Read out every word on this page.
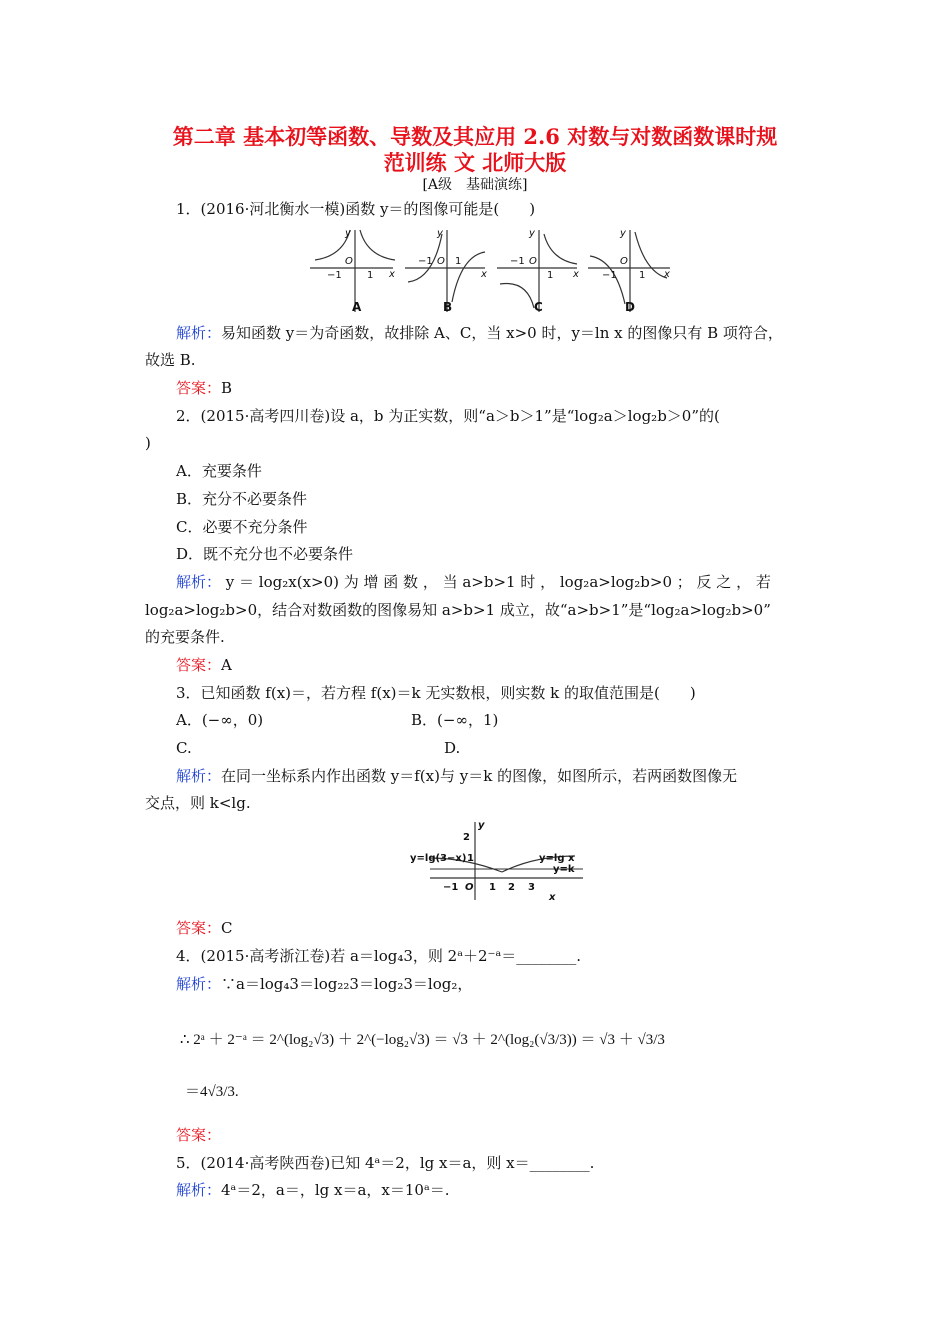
第二章 基本初等函数、导数及其应用 2.6 对数与对数函数课时规
范训练 文 北师大版
[A级　基础演练]
1．(2016·河北衡水一模)函数 y＝的图像可能是(　　)
y
x
O
y
x
O
y
x
O
y
x
O
−1	1
−1 1	−1
1	−1 1
A	B	C	D
解析：易知函数 y＝为奇函数，故排除 A、C，当 x>0 时，y＝ln x 的图像只有 B 项符合，
故选 B.
答案：B
2．(2015·高考四川卷)设 a，b 为正实数，则“a＞b＞1”是“log₂a＞log₂b＞0”的(
)
A．充要条件
B．充分不必要条件
C．必要不充分条件
D．既不充分也不必要条件
解析： y ＝ log₂x(x>0) 为 增 函 数 ， 当 a>b>1 时 ， log₂a>log₂b>0 ； 反 之 ， 若
log₂a>log₂b>0，结合对数函数的图像易知 a>b>1 成立，故“a>b>1”是“log₂a>log₂b>0”
的充要条件.
答案：A
3．已知函数 f(x)＝，若方程 f(x)＝k 无实数根，则实数 k 的取值范围是(　　)
A．(−∞，0)	B．(−∞，1)
C.	D.
解析：在同一坐标系内作出函数 y＝f(x)与 y＝k 的图像，如图所示，若两函数图像无
交点，则 k<lg.
y
2
1
O
−1	1 2 3
x
y=lg(3−x)	y=lg x
y=k
答案：C
4．(2015·高考浙江卷)若 a＝log₄3，则 2ᵃ＋2⁻ᵃ＝________.
解析：∵a＝log₄3＝log₂₂3＝log₂3＝log₂，
∴ 2ᵃ ＋ 2⁻ᵃ ＝ 2^(log₂√3) ＋ 2^(−log₂√3) ＝ √3 ＋ 2^(log₂(√3/3)) ＝ √3 ＋ √3/3
＝4√3/3.
答案：
5．(2014·高考陕西卷)已知 4ᵃ＝2，lg x＝a，则 x＝________.
解析：4ᵃ＝2，a＝，lg x＝a，x＝10ᵃ＝.
